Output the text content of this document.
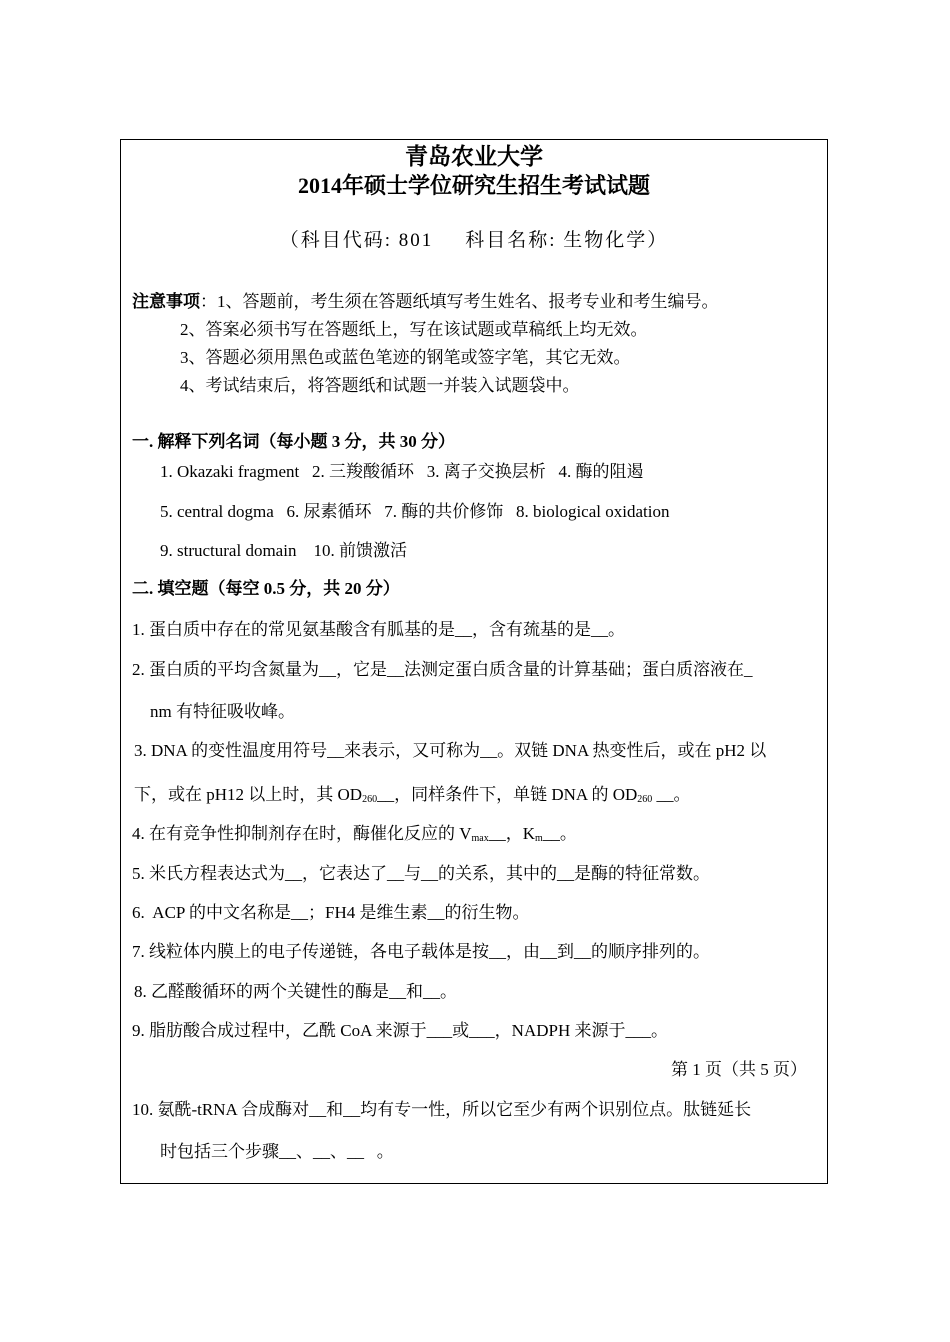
青岛农业大学
2014年硕士学位研究生招生考试试题
（科目代码: 801 科目名称: 生物化学）
注意事项：1、答题前，考生须在答题纸填写考生姓名、报考专业和考生编号。
2、答案必须书写在答题纸上，写在该试题或草稿纸上均无效。
3、答题必须用黑色或蓝色笔迹的钢笔或签字笔，其它无效。
4、考试结束后，将答题纸和试题一并装入试题袋中。
一. 解释下列名词（每小题 3 分，共 30 分）
1. Okazaki fragment   2. 三羧酸循环   3. 离子交换层析   4. 酶的阻遏
5. central dogma   6. 尿素循环   7. 酶的共价修饰   8. biological oxidation
9. structural domain    10. 前馈激活
二. 填空题（每空 0.5 分，共 20 分）
1. 蛋白质中存在的常见氨基酸含有胍基的是__，含有巯基的是__。
2. 蛋白质的平均含氮量为__，它是__法测定蛋白质含量的计算基础；蛋白质溶液在_
nm 有特征吸收峰。
3. DNA 的变性温度用符号__来表示，又可称为__。双链 DNA 热变性后，或在 pH2 以
下，或在 pH12 以上时，其 $OD_{260}\_\_$，同样条件下，单链 DNA 的 $OD_{260}$ __。
4. 在有竞争性抑制剂存在时，酶催化反应的 $V_{max}\_\_$，$K_m\_\_$。
5. 米氏方程表达式为__，它表达了__与__的关系，其中的__是酶的特征常数。
6.  ACP 的中文名称是__；FH4 是维生素__的衍生物。
7. 线粒体内膜上的电子传递链，各电子载体是按__，由__到__的顺序排列的。
8. 乙醛酸循环的两个关键性的酶是__和__。
9. 脂肪酸合成过程中，乙酰 CoA 来源于___或___，NADPH 来源于___。
第 1 页（共 5 页）
10. 氨酰-tRNA 合成酶对__和__均有专一性，所以它至少有两个识别位点。肽链延长
时包括三个步骤__、__、__   。
